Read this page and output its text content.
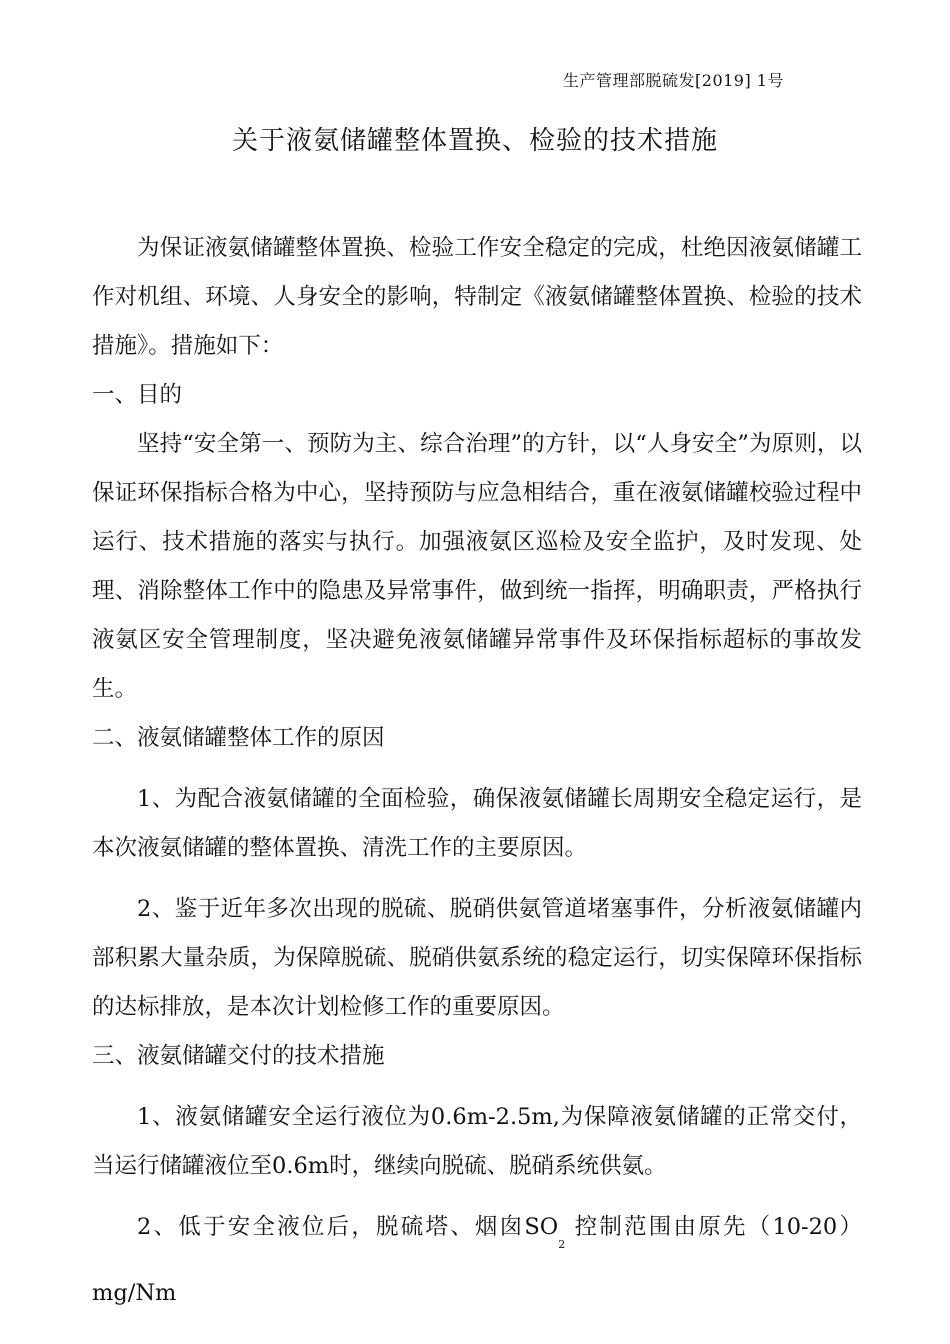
生产管理部脱硫发[2019] 1号
关于液氨储罐整体置换、检验的技术措施

为保证液氨储罐整体置换、检验工作安全稳定的完成，杜绝因液氨储罐工作对机组、环境、人身安全的影响，特制定《液氨储罐整体置换、检验的技术措施》。措施如下：

一、目的

坚持“安全第一、预防为主、综合治理”的方针，以“人身安全”为原则，以保证环保指标合格为中心，坚持预防与应急相结合，重在液氨储罐校验过程中运行、技术措施的落实与执行。加强液氨区巡检及安全监护，及时发现、处理、消除整体工作中的隐患及异常事件，做到统一指挥，明确职责，严格执行液氨区安全管理制度，坚决避免液氨储罐异常事件及环保指标超标的事故发生。

二、液氨储罐整体工作的原因

1、为配合液氨储罐的全面检验，确保液氨储罐长周期安全稳定运行，是本次液氨储罐的整体置换、清洗工作的主要原因。

2、鉴于近年多次出现的脱硫、脱硝供氨管道堵塞事件，分析液氨储罐内部积累大量杂质，为保障脱硫、脱硝供氨系统的稳定运行，切实保障环保指标的达标排放，是本次计划检修工作的重要原因。

三、液氨储罐交付的技术措施

1、液氨储罐安全运行液位为0.6m-2.5m,为保障液氨储罐的正常交付，当运行储罐液位至0.6m时，继续向脱硫、脱硝系统供氨。

2、低于安全液位后，脱硫塔、烟囱$SO_2$ 控制范围由原先（10-20）mg/Nm
